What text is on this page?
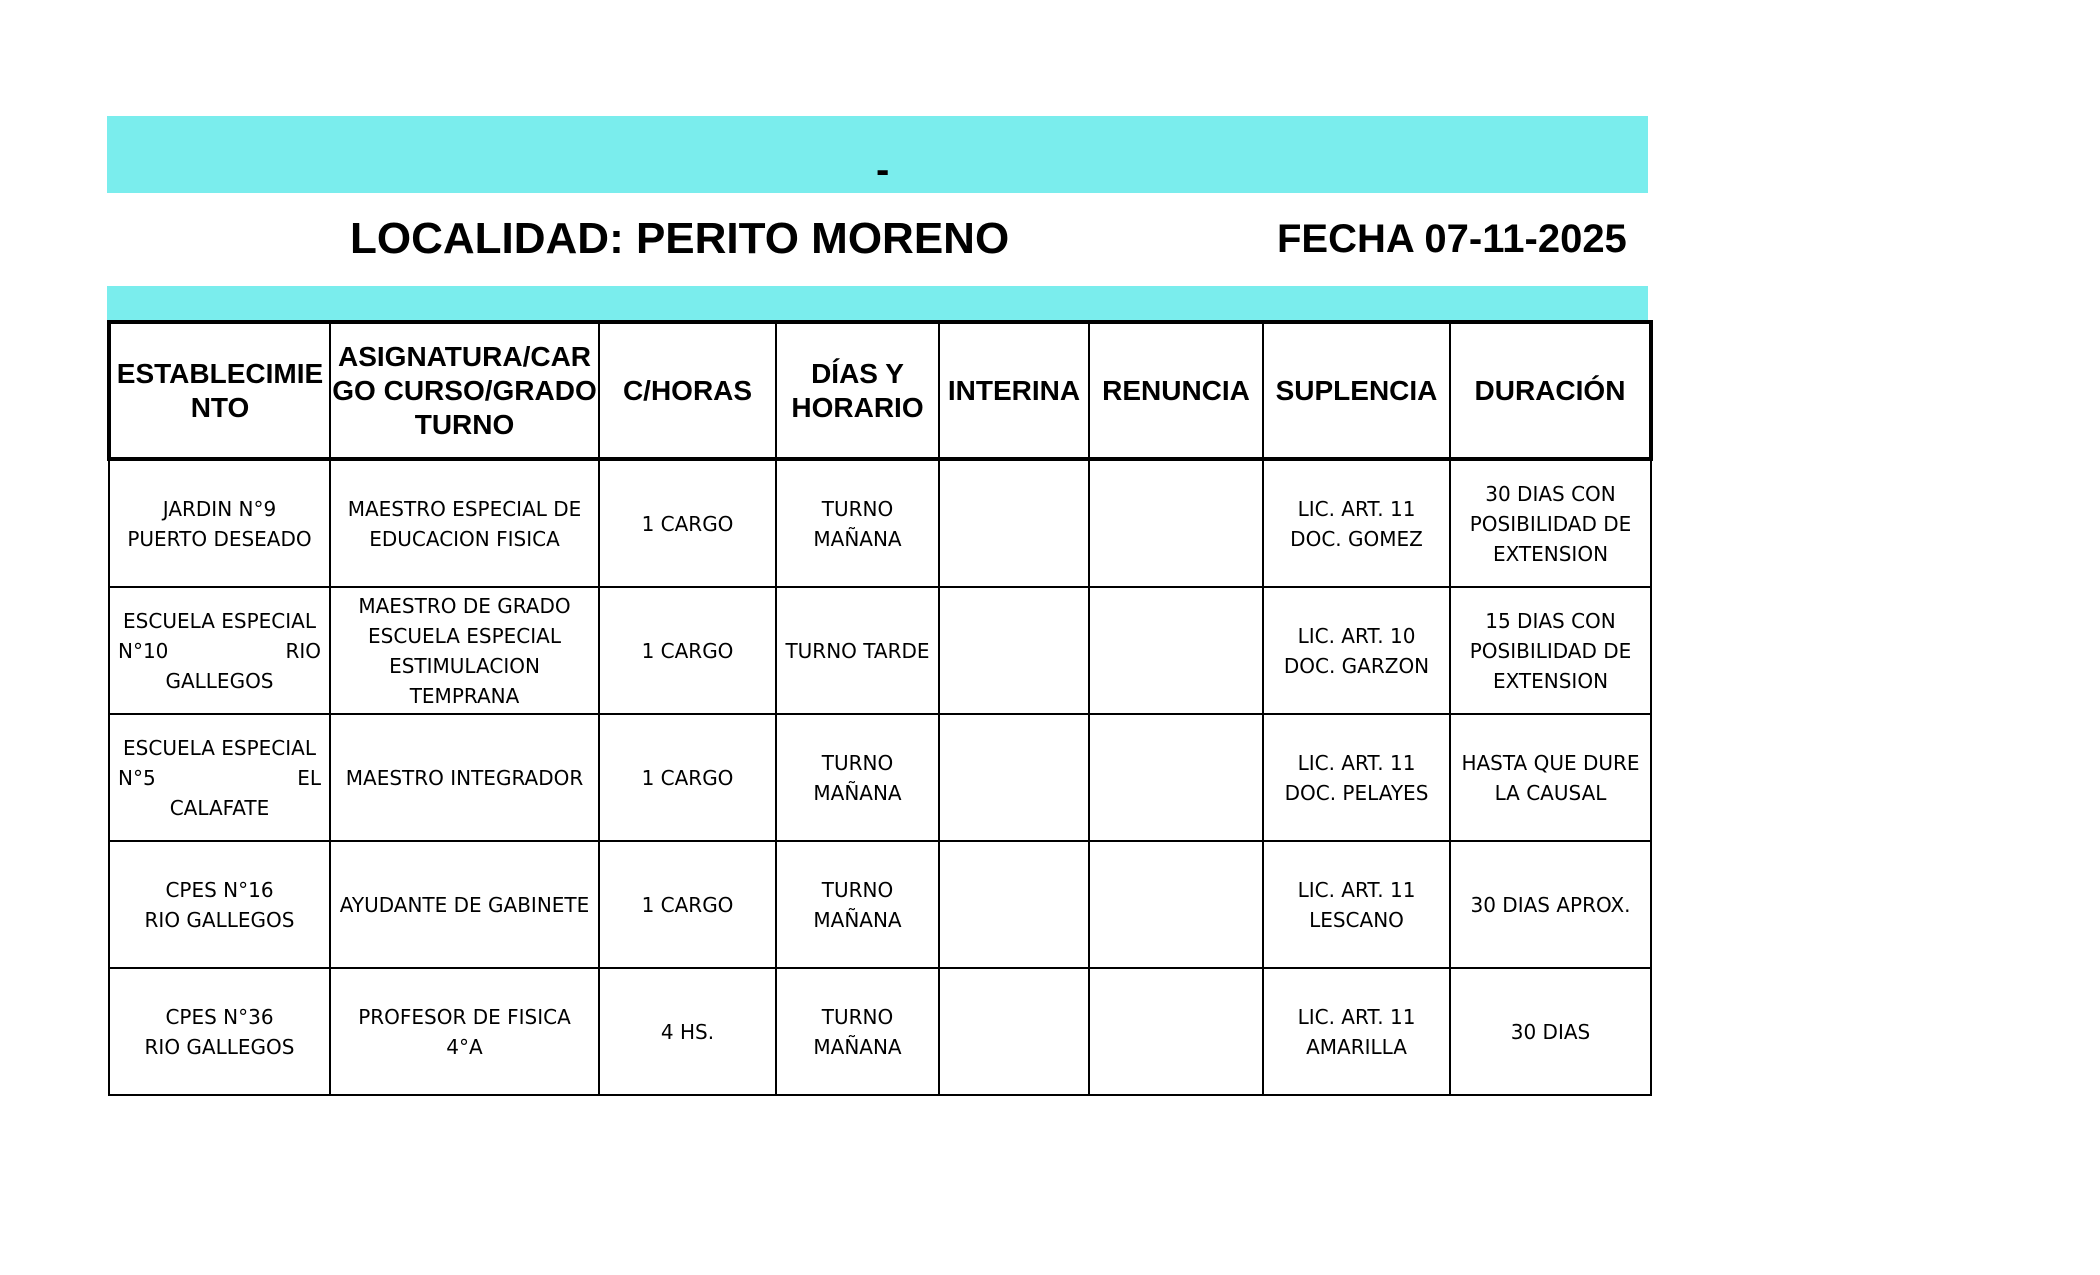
-
LOCALIDAD: PERITO MORENO	FECHA 07-11-2025
ESTABLECIMIE
NTO	ASIGNATURA/CAR
GO CURSO/GRADO
TURNO	C/HORAS	DÍAS Y
HORARIO	INTERINA	RENUNCIA	SUPLENCIA	DURACIÓN

JARDIN N°9
PUERTO DESEADO	MAESTRO ESPECIAL DE
EDUCACION FISICA	1 CARGO	TURNO
MAÑANA			LIC. ART. 11
DOC. GOMEZ	30 DIAS CON
POSIBILIDAD DE
EXTENSION

ESCUELA ESPECIAL
N°10 RIO
GALLEGOS	MAESTRO DE GRADO
ESCUELA ESPECIAL
ESTIMULACION TEMPRANA	1 CARGO	TURNO TARDE			LIC. ART. 10
DOC. GARZON	15 DIAS CON
POSIBILIDAD DE
EXTENSION

ESCUELA ESPECIAL
N°5 EL
CALAFATE	MAESTRO INTEGRADOR	1 CARGO	TURNO
MAÑANA			LIC. ART. 11
DOC. PELAYES	HASTA QUE DURE
LA CAUSAL

CPES N°16
RIO GALLEGOS	AYUDANTE DE GABINETE	1 CARGO	TURNO
MAÑANA			LIC. ART. 11
LESCANO	30 DIAS APROX.

CPES N°36
RIO GALLEGOS	PROFESOR DE FISICA
4°A	4 HS.	TURNO
MAÑANA			LIC. ART. 11
AMARILLA	30 DIAS
